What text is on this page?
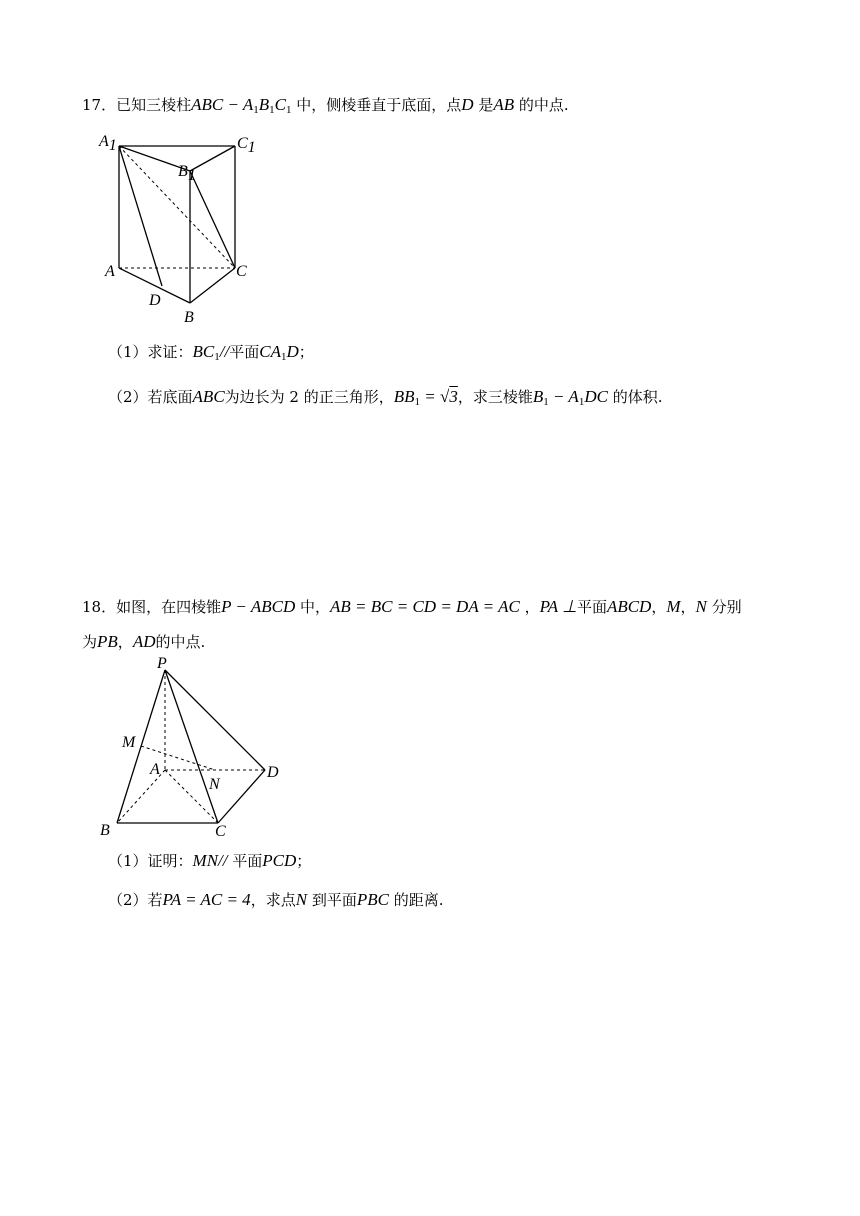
17．已知三棱柱ABC − A1B1C1 中，侧棱垂直于底面，点D 是AB 的中点.
A1	C1
B1
A	C
D
B
（1）求证：BC1//平面CA1D；
（2）若底面ABC为边长为 2 的正三角形，BB1 = √3，求三棱锥B1 − A1DC 的体积.
18．如图，在四棱锥P − ABCD 中，AB = BC = CD = DA = AC ，PA ⊥平面ABCD，M，N 分别
为PB，AD的中点.
P
M
A
N
D
B	C
（1）证明：MN// 平面PCD；
（2）若PA = AC = 4，求点N 到平面PBC 的距离.
